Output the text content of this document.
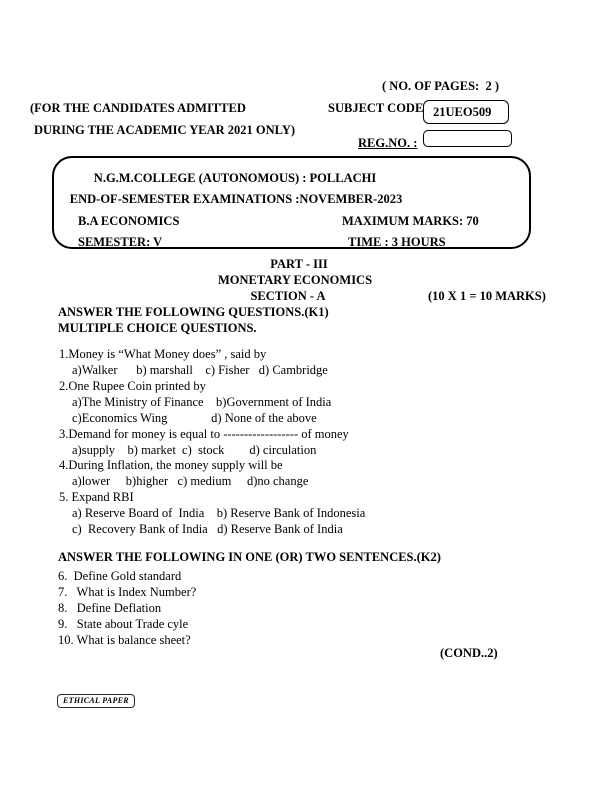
( NO. OF PAGES:  2 )
(FOR THE CANDIDATES ADMITTED	SUBJECT CODE 21UEO509
DURING THE ACADEMIC YEAR 2021 ONLY)
REG.NO. :
N.G.M.COLLEGE (AUTONOMOUS) : POLLACHI
END-OF-SEMESTER EXAMINATIONS :NOVEMBER-2023
B.A ECONOMICS	MAXIMUM MARKS: 70
SEMESTER: V	TIME : 3 HOURS
PART - III
MONETARY ECONOMICS
SECTION - A	(10 X 1 = 10 MARKS)
ANSWER THE FOLLOWING QUESTIONS.(K1)
MULTIPLE CHOICE QUESTIONS.
1.Money is “What Money does” , said by
a)Walker      b) marshall    c) Fisher   d) Cambridge
2.One Rupee Coin printed by
a)The Ministry of Finance    b)Government of India
c)Economics Wing              d) None of the above
3.Demand for money is equal to ------------------ of money
a)supply    b) market  c)  stock        d) circulation
4.During Inflation, the money supply will be
a)lower     b)higher   c) medium     d)no change
5. Expand RBI
a) Reserve Board of  India    b) Reserve Bank of Indonesia
c)  Recovery Bank of India   d) Reserve Bank of India
ANSWER THE FOLLOWING IN ONE (OR) TWO SENTENCES.(K2)
6.  Define Gold standard
7.   What is Index Number?
8.   Define Deflation
9.   State about Trade cyle
10. What is balance sheet?
(COND..2)
ETHICAL PAPER
